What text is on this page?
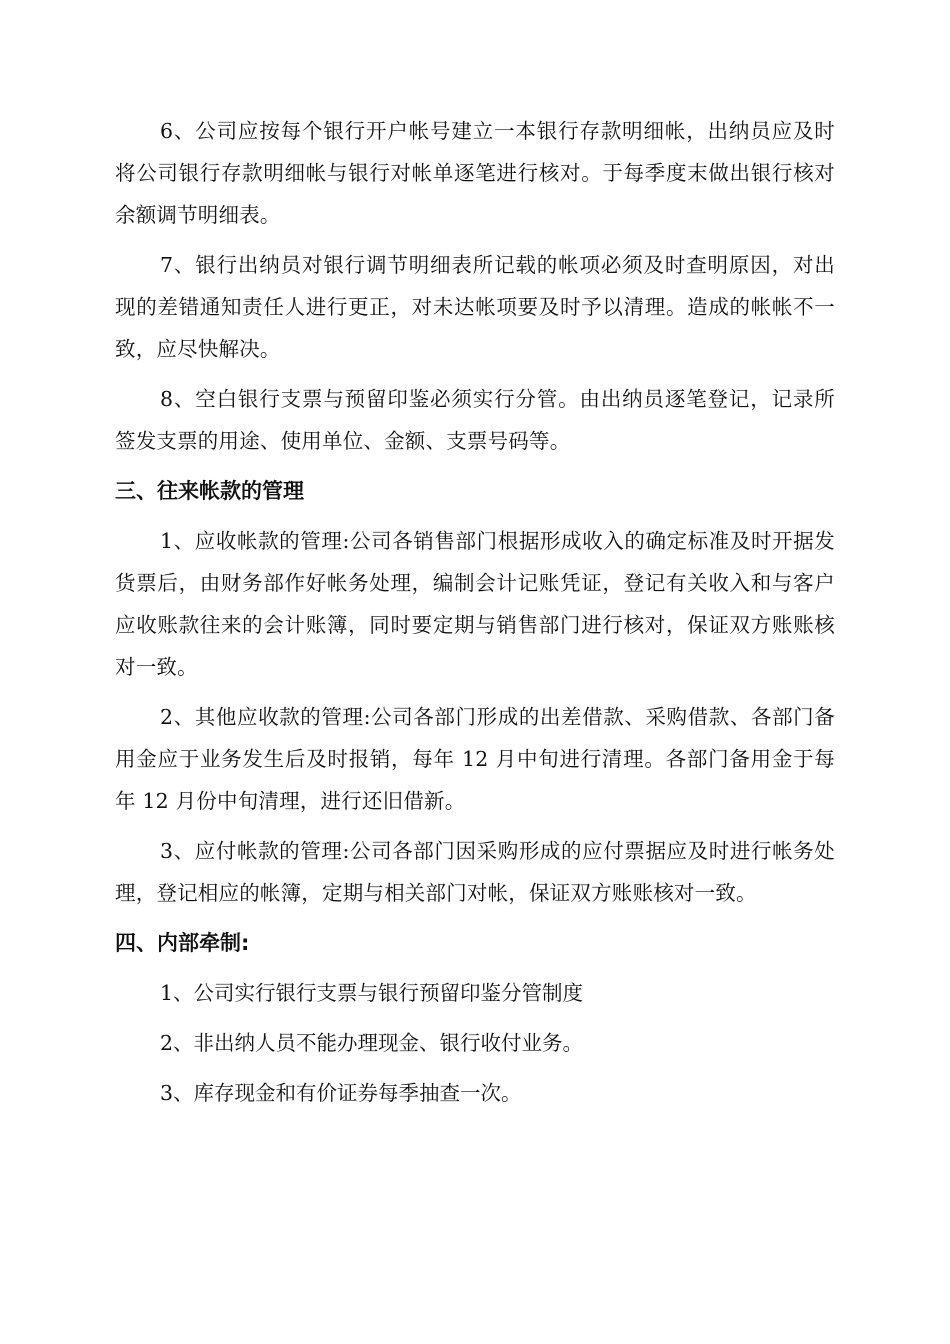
6、公司应按每个银行开户帐号建立一本银行存款明细帐，出纳员应及时将公司银行存款明细帐与银行对帐单逐笔进行核对。于每季度末做出银行核对余额调节明细表。

7、银行出纳员对银行调节明细表所记载的帐项必须及时查明原因，对出现的差错通知责任人进行更正，对未达帐项要及时予以清理。造成的帐帐不一致，应尽快解决。

8、空白银行支票与预留印鉴必须实行分管。由出纳员逐笔登记，记录所签发支票的用途、使用单位、金额、支票号码等。

三、往来帐款的管理

1、应收帐款的管理:公司各销售部门根据形成收入的确定标准及时开据发货票后，由财务部作好帐务处理，编制会计记账凭证，登记有关收入和与客户应收账款往来的会计账簿，同时要定期与销售部门进行核对，保证双方账账核对一致。

2、其他应收款的管理:公司各部门形成的出差借款、采购借款、各部门备用金应于业务发生后及时报销，每年 12 月中旬进行清理。各部门备用金于每年 12 月份中旬清理，进行还旧借新。

3、应付帐款的管理:公司各部门因采购形成的应付票据应及时进行帐务处理，登记相应的帐簿，定期与相关部门对帐，保证双方账账核对一致。

四、内部牵制:

1、公司实行银行支票与银行预留印鉴分管制度

2、非出纳人员不能办理现金、银行收付业务。

3、库存现金和有价证券每季抽查一次。
